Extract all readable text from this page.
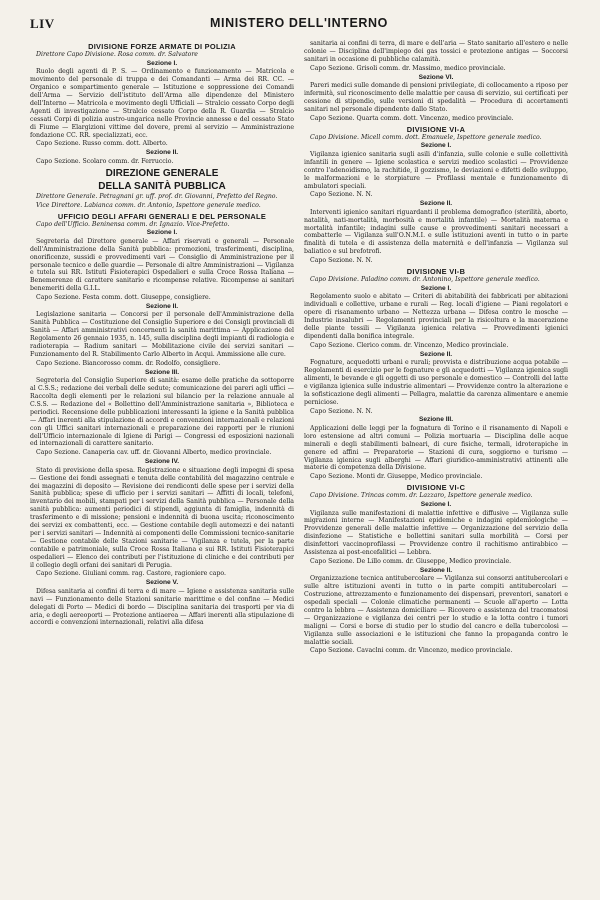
LIV	MINISTERO DELL'INTERNO
DIVISIONE FORZE ARMATE DI POLIZIA

Direttore Capo Divisione. Rosa comm. dr. Salvatore

Sezione I.

Ruolo degli agenti di P. S. — Ordinamento e funzionamento — Matricola e movimento del personale di truppa e dei Comandanti — Arma dei RR. CC. — Organico e sompartimento generale — Istituzione e soppressione dei Comandi dell'Arma — Servizio dell'istituto dell'Arma alle dipendenze del Ministero dell'Interno — Matricola e movimento degli Ufficiali — Stralcio cessato Corpo degli Agenti di investigazione — Stralcio cessato Corpo della R. Guardia — Stralcio cessati Corpi di polizia austro-ungarica nelle Provincie annesse e del cessato Stato di Fiume — Elargizioni vittime del dovere, premi al servizio — Amministrazione fondazione CC. RR. specializzati, ecc.

Capo Sezione. Russo comm. dott. Alberto.

Sezione II.

Capo Sezione. Scolaro comm. dr. Ferruccio.

DIREZIONE GENERALE
DELLA SANITÀ PUBBLICA

Direttore Generale. Petragnani gr. uff. prof. dr. Giovanni, Prefetto del Regno.

Vice Direttore. Labianca comm. dr. Antonio, Ispettore generale medico.

UFFICIO DEGLI AFFARI GENERALI E DEL PERSONALE

Capo dell'Ufficio. Beninensa comm. dr. Ignazio. Vice-Prefetto.

Sezione I.

Segreteria del Direttore generale — Affari riservati e generali — Personale dell'Amministrazione della Sanità pubblica: promozioni, trasferimenti, disciplina, onorificenze, sussidi e provvedimenti vari — Consiglio di Amministrazione per il personale tecnico e delle guardie — Personale di altre Amministrazioni — Vigilanza e tutela sui RR. Istituti Fisioterapici Ospedalieri e sulla Croce Rossa Italiana — Benemerenze di carattere sanitario e ricompense relative. Ricompense ai sanitari benemeriti della G.I.L.

Capo Sezione. Festa comm. dott. Giuseppe, consigliere.

Sezione II.

Legislazione sanitaria — Concorsi per il personale dell'Amministrazione della Sanità Pubblica — Costituzione del Consiglio Superiore e dei Consigli provinciali di Sanità — Affari amministrativi concernenti la sanità marittima — Applicazione del Regolamento 26 gennaio 1935, n. 145, sulla disciplina degli impianti di radiologia e radioterapia — Radium sanitari — Mobilitazione civile dei servizi sanitari — Funzionamento del R. Stabilimento Carlo Alberto in Acqui. Ammissione alle cure.

Capo Sezione. Biancorosso comm. dr. Rodolfo, consigliere.

Sezione III.

Segreteria del Consiglio Superiore di sanità: esame delle pratiche da sottoporre al C.S.S.; redazione dei verbali delle sedute; comunicazione dei pareri agli uffici — Raccolta degli elementi per le relazioni sul bilancio per la relazione annuale al C.S.S. — Redazione del « Bollettino dell'Amministrazione sanitaria », Biblioteca e periodici. Recensione delle pubblicazioni interessanti la igiene e la Sanità pubblica — Affari inerenti alla stipulazione di accordi e convenzioni internazionali e relazioni con gli Uffici sanitari internazionali e preparazione dei rapporti per le riunioni dell'Ufficio internazionale di Igiene di Parigi — Congressi ed esposizioni nazionali ed internazionali di carattere sanitario.

Capo Sezione. Canaperia cav. uff. dr. Giovanni Alberto, medico provinciale.

Sezione IV.

Stato di previsione della spesa. Registrazione e situazione degli impegni di spesa — Gestione dei fondi assegnati e tenuta delle contabilità del magazzino centrale e dei magazzini di deposito — Revisione dei rendiconti delle spese per i servizi della Sanità pubblica; spese di ufficio per i servizi sanitari — Affitti di locali, telefoni, inventario dei mobili, stampati per i servizi della Sanità pubblica — Personale della sanità pubblica: aumenti periodici di stipendi, aggiunta di famiglia, indennità di trasferimento e di missione; pensioni e indennità di buona uscita; riconoscimento dei servizi ex combattenti, ecc. — Gestione contabile degli automezzi e dei natanti per i servizi sanitari — Indennità ai componenti delle Commissioni tecnico-sanitarie — Gestione contabile delle Stazioni sanitarie — Vigilanza e tutela, per la parte contabile e patrimoniale, sulla Croce Rossa Italiana e sui RR. Istituti Fisioterapici ospedalieri — Elenco dei contributi per l'istituzione di cliniche e dei contributi per il collegio degli orfani dei sanitari di Perugia.

Capo Sezione. Giuliani comm. rag. Castore, ragioniere capo.

Sezione V.

Difesa sanitaria ai confini di terra e di mare — Igiene e assistenza sanitaria sulle navi — Funzionamento delle Stazioni sanitarie marittime e del confine — Medici delegati di Porto — Medici di bordo — Disciplina sanitaria dei trasporti per via di aria, e degli aereoporti — Protezione antiaerea — Affari inerenti alla stipulazione di accordi e convenzioni internazionali, relativi alla difesa

sanitaria ai confini di terra, di mare e dell'aria — Stato sanitario all'estero e nelle colonie — Disciplina dell'impiego dei gas tossici e protezione antigas — Soccorsi sanitari in occasione di pubbliche calamità.

Capo Sezione. Grisoli comm. dr. Massimo, medico provinciale.

Sezione VI.

Pareri medici sulle domande di pensioni privilegiate, di collocamento a riposo per infermità, sul riconoscimento delle malattie per causa di servizio, sui certificati per cessione di stipendio, sulle versioni di spedalità — Procedura di accertamenti sanitari nel personale dipendente dallo Stato.

Capo Sezione. Quarta comm. dott. Vincenzo, medico provinciale.

DIVISIONE VI-A

Capo Divisione. Micell comm. dott. Emanuele, Ispettore generale medico.

Sezione I.

Vigilanza igienico sanitaria sugli asili d'infanzia, sulle colonie e sulle collettività infantili in genere — Igiene scolastica e servizi medico scolastici — Provvidenze contro l'adenoidismo, la rachitide, il gozzismo, le deviazioni e difetti dello sviluppo, le malformazioni e le storpiature — Profilassi mentale e funzionamento di ambulatori speciali.

Capo Sezione. N. N.

Sezione II.

Interventi igienico sanitari riguardanti il problema demografico (sterilità, aborto, natalità, nati-mortalità, morbosità e mortalità infantile) — Mortalità materna e mortalità infantile; indagini sulle cause e provvedimenti sanitari necessari a combatterle — Vigilanza sull'O.N.M.I. e sulle istituzioni aventi in tutto o in parte finalità di tutela e di assistenza della maternità e dell'infanzia — Vigilanza sul baliatico e sul brefotrofi.

Capo Sezione. N. N.

DIVISIONE VI-B

Capo Divisione. Paladino comm. dr. Antonino, Ispettore generale medico.

Sezione I.

Regolamento suolo e abitato — Criteri di abitabilità dei fabbricati per abitazioni individuali e collettive, urbane e rurali — Reg. locali d'igiene — Piani regolatori e opere di risanamento urbano — Nettezza urbana — Difesa contro le mosche — Industrie insalubri — Regolamenti provinciali per la risicoltura e la macerazione delle piante tessili — Vigilanza igienica relativa — Provvedimenti igienici dipendenti dalla bonifica integrale.

Capo Sezione. Clerico comm. dr. Vincenzo, Medico provinciale.

Sezione II.

Fognature, acquedotti urbani e rurali; provvista e distribuzione acqua potabile — Regolamenti di esercizio per le fognature e gli acquedotti — Vigilanza igienica sugli alimenti, le bevande e gli oggetti di uso personale e domestico — Controlli del latte e vigilanza igienica sulle industrie alimentari — Provvidenze contro la alterazione e la sofisticazione degli alimenti — Pellagra, malattie da carenza alimentare e anemie perniciose.

Capo Sezione. N. N.

Sezione III.

Applicazioni delle leggi per la fognatura di Torino e il risanamento di Napoli e loro estensione ad altri comuni — Polizia mortuaria — Disciplina delle acque minerali e degli stabilimenti balneari, di cure fisiche, termali, idroterapiche in genere ed affini — Preparatorie — Stazioni di cura, soggiorno e turismo — Vigilanza igienica sugli alberghi — Affari giuridico-amministrativi attinenti alle materie di competenza della Divisione.

Capo Sezione. Monti dr. Giuseppe, Medico provinciale.

DIVISIONE VI-C

Capo Divisione. Trincas comm. dr. Lazzaro, Ispettore generale medico.

Sezione I.

Vigilanza sulle manifestazioni di malattie infettive e diffusive — Vigilanza sulle migrazioni interne — Manifestazioni epidemiche e indagini epidemiologiche — Provvidenze generali delle malattie infettive — Organizzazione del servizio della disinfezione — Statistiche e bollettini sanitari sulla morbilità — Corsi per disinfettori vaccinoprofilassi — Provvidenze contro il rachitismo antirabbico — Assistenza ai post-encefalitici — Lebbra.

Capo Sezione. De Lillo comm. dr. Giuseppe, Medico provinciale.

Sezione II.

Organizzazione tecnica antitubercolare — Vigilanza sui consorzi antitubercolari e sulle altre istituzioni aventi in tutto o in parte compiti antitubercolari — Costruzione, attrezzamento e funzionamento dei dispensari, preventori, sanatori e ospedali speciali — Colonie climatiche permanenti — Scuole all'aperto — Lotta contro la lebbra — Assistenza domiciliare — Ricovero e assistenza del tracomatosi — Organizzazione e vigilanza dei centri per lo studio e la lotta contro i tumori maligni — Corsi e borse di studio per lo studio del cancro e della tubercolosi — Vigilanza sulle associazioni e le istituzioni che fanno la propaganda contro le malattie sociali.

Capo Sezione. Cavaclni comm. dr. Vincenzo, medico provinciale.
